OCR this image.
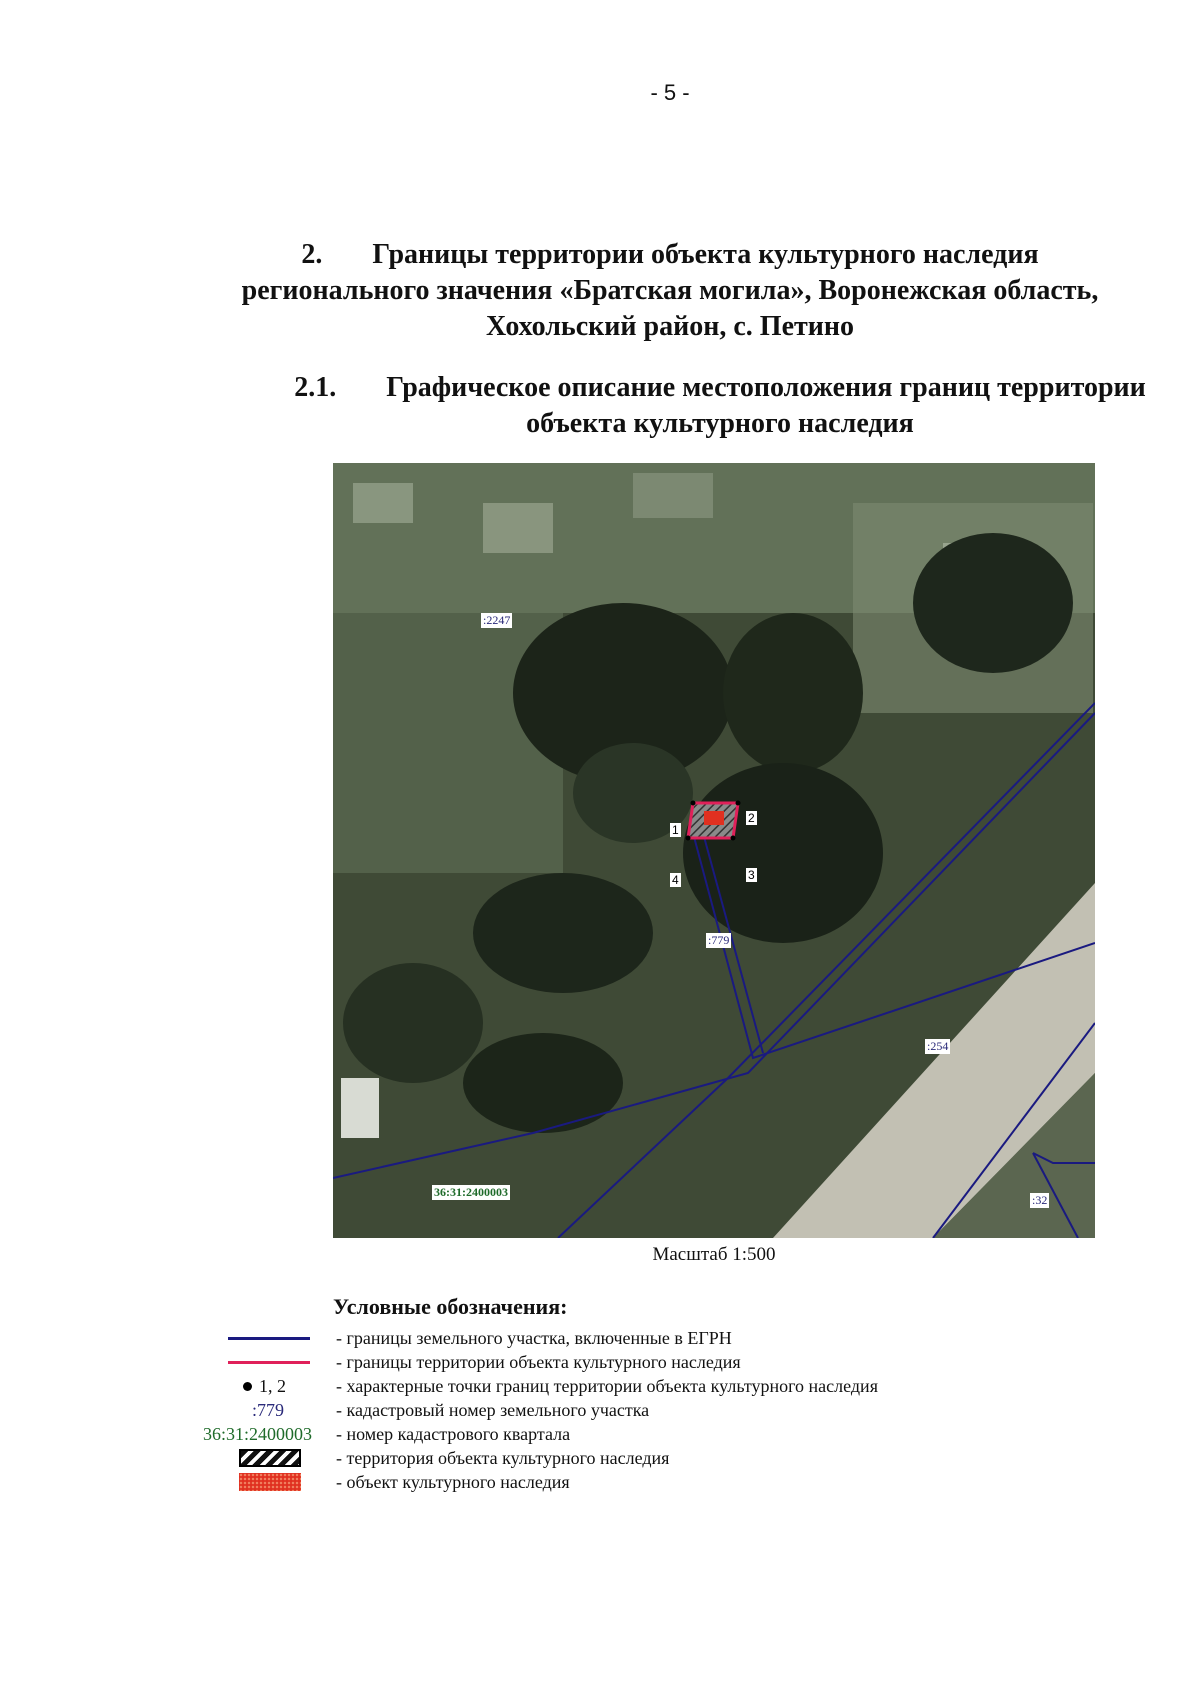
- 5 -
2. Границы территории объекта культурного наследия
регионального значения «Братская могила», Воронежская область,
Хохольский район, с. Петино
2.1. Графическое описание местоположения границ территории
объекта культурного наследия
:2247
:779
:254
:32
36:31:2400003
1
2
3
4
Масштаб 1:500
Условные обозначения:
- границы земельного участка, включенные в ЕГРН
- границы территории объекта культурного наследия
1, 2	- характерные точки границ территории объекта культурного наследия
:779	- кадастровый номер земельного участка
36:31:2400003 - номер кадастрового квартала
- территория объекта культурного наследия
- объект культурного наследия
